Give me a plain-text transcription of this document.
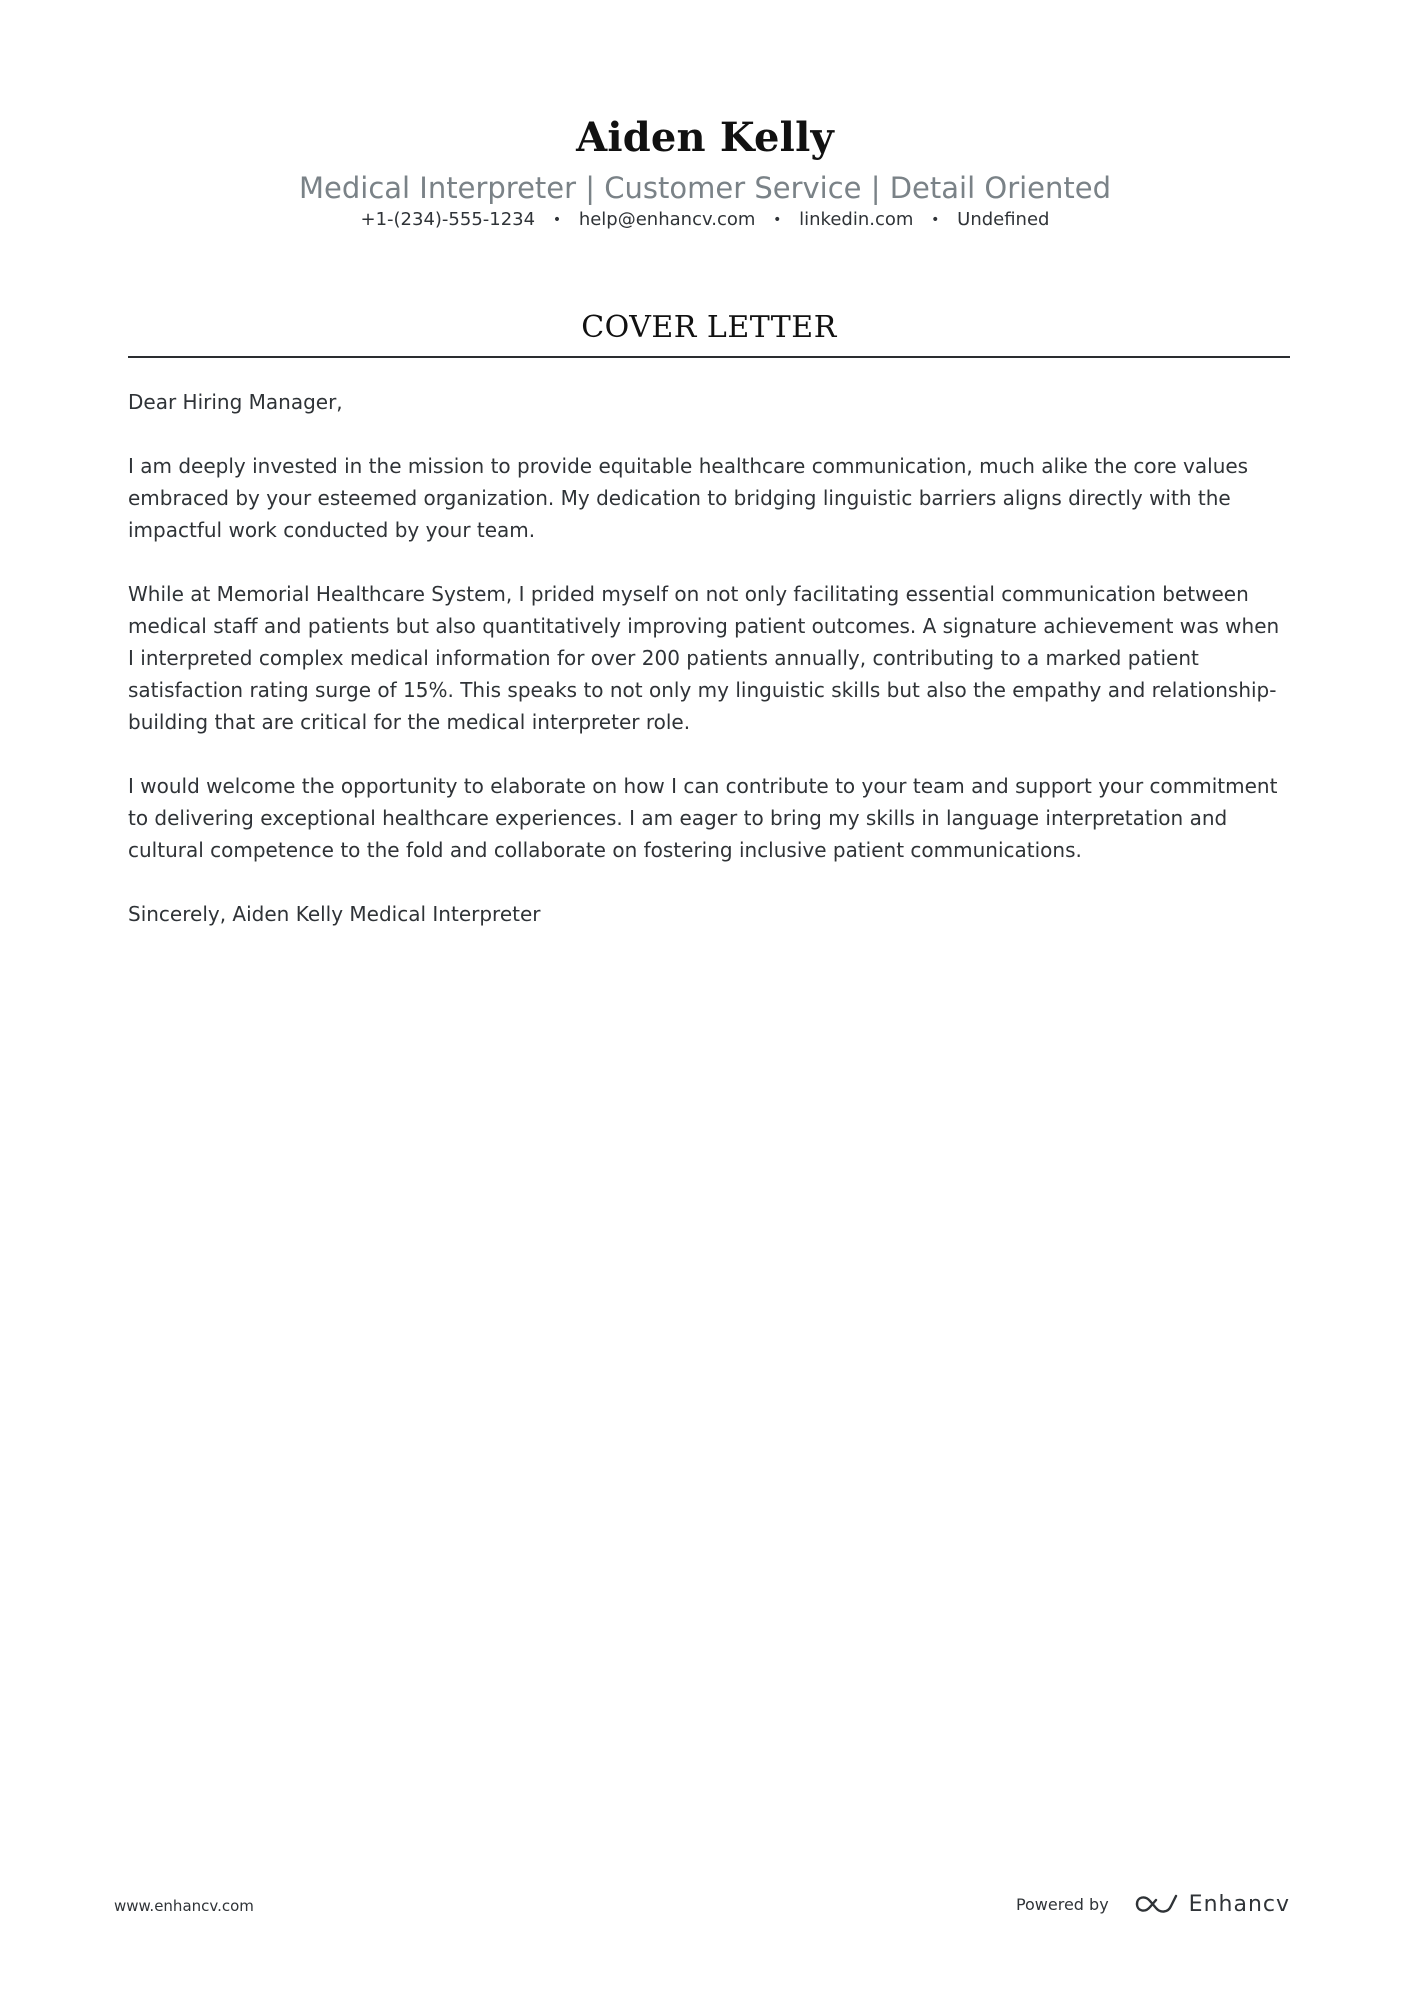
Aiden Kelly
Medical Interpreter | Customer Service | Detail Oriented
+1-(234)-555-1234 • help@enhancv.com • linkedin.com • Undefined
COVER LETTER

Dear Hiring Manager,

I am deeply invested in the mission to provide equitable healthcare communication, much alike the core values embraced by your esteemed organization. My dedication to bridging linguistic barriers aligns directly with the impactful work conducted by your team.

While at Memorial Healthcare System, I prided myself on not only facilitating essential communication between medical staff and patients but also quantitatively improving patient outcomes. A signature achievement was when I interpreted complex medical information for over 200 patients annually, contributing to a marked patient satisfaction rating surge of 15%. This speaks to not only my linguistic skills but also the empathy and relationship-building that are critical for the medical interpreter role.

I would welcome the opportunity to elaborate on how I can contribute to your team and support your commitment to delivering exceptional healthcare experiences. I am eager to bring my skills in language interpretation and cultural competence to the fold and collaborate on fostering inclusive patient communications.

Sincerely, Aiden Kelly Medical Interpreter

www.enhancv.com	Powered by	Enhancv
